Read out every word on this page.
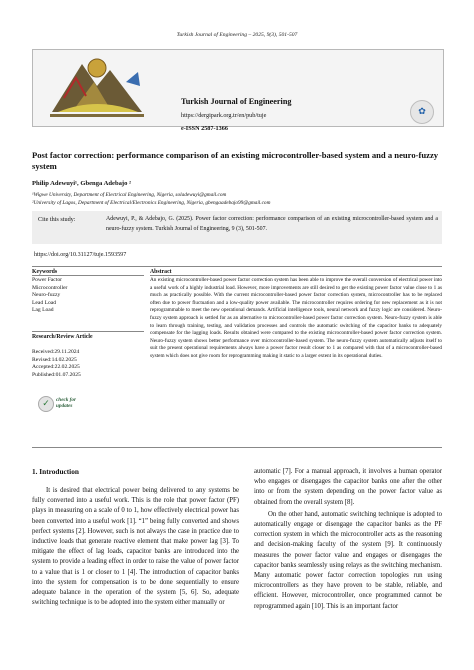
Turkish Journal of Engineering – 2025, 9(3), 501-507
Turkish Journal of Engineering
https://dergipark.org.tr/en/pub/tuje
e-ISSN 2587-1366
✿
Post factor correction: performance comparison of an existing microcontroller-based system and a neuro-fuzzy system
Philip Adewuyi¹, Gbenga Adebajo ²
¹Wigwe University, Department of Electrical Engineering, Nigeria, soladewuyi@gmail.com
²University of Lagos, Department of Electrical/Electronics Engineering, Nigeria, gbengaadebajo99@gmail.com
Cite this study:	Adewuyi, P., & Adebajo, G. (2025). Power factor correction: performance comparison of an existing microcontroller-based system and a neuro-fuzzy system. Turkish Journal of Engineering, 9 (3), 501-507.
https://doi.org/10.31127/tuje.1593597
Keywords
Power Factor
Microcontroller
Neuro-fuzzy
Lead Load
Lag Load
Research/Review Article
Received:29.11.2024
Revised:14.02.2025
Accepted:22.02.2025
Published:01.07.2025
✓	check for
updates
Abstract
An existing microcontroller-based power factor correction system has been able to improve the overall conversion of electrical power into a useful work of a highly industrial load. However, more improvements are still desired to get the existing power factor value close to 1 as much as practically possible. With the current microcontroller-based power factor correction system, microcontroller has to be replaced often due to power fluctuation and a low-quality power available. The microcontroller requires ordering for new replacement as it is not reprogrammable to meet the new operational demands. Artificial intelligence tools, neural network and fuzzy logic are considered. Neuro-fuzzy system approach is settled for as an alternative to microcontroller-based power factor correction system. Neuro-fuzzy system is able to learn through training, testing, and validation processes and controls the automatic switching of the capacitor banks to adequately compensate for the lagging loads. Results obtained were compared to the existing microcontroller-based power factor correction system. Neuro-fuzzy system shows better performance over microcontroller-based system. The neuro-fuzzy system automatically adjusts itself to suit the present operational requirements always have a power factor result closer to 1 as compared with that of a microcontroller-based system which does not give room for reprogramming making it static to a larger extent in its operational duties.
1. Introduction
It is desired that electrical power being delivered to any systems be fully converted into a useful work. This is the role that power factor (PF) plays in measuring on a scale of 0 to 1, how effectively electrical power has been converted into a useful work [1]. “1” being fully converted and shows perfect systems [2]. However, such is not always the case in practice due to inductive loads that generate reactive element that make power lag [3]. To mitigate the effect of lag loads, capacitor banks are introduced into the system to provide a leading effect in order to raise the value of power factor to a value that is 1 or closer to 1 [4]. The introduction of capacitor banks into the system for compensation is to be done sequentially to ensure adequate balance in the operation of the system [5, 6]. So, adequate switching technique is to be adopted into the system either manually or

automatic [7]. For a manual approach, it involves a human operator who engages or disengages the capacitor banks one after the other into or from the system depending on the power factor value as obtained from the overall system [8].

On the other hand, automatic switching technique is adopted to automatically engage or disengage the capacitor banks as the PF correction system in which the microcontroller acts as the reasoning and decision-making faculty of the system [9]. It continuously measures the power factor value and engages or disengages the capacitor banks seamlessly using relays as the switching mechanism. Many automatic power factor correction topologies run using microcontrollers as they have proven to be stable, reliable, and efficient. However, microcontroller, once programmed cannot be reprogrammed again [10]. This is an important factor
